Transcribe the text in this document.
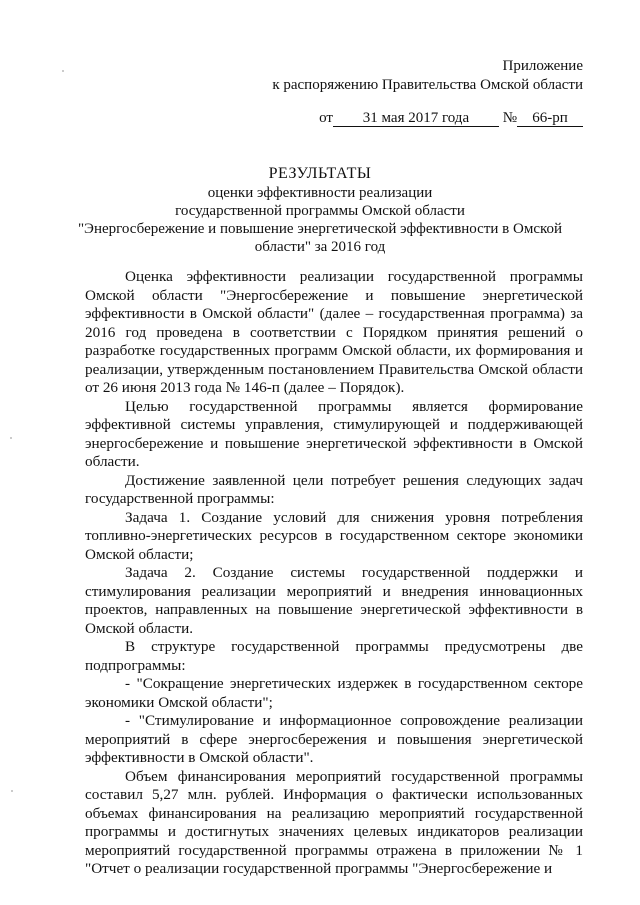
Приложение
к распоряжению Правительства Омской области
от 31 мая 2017 года № 66-рп
РЕЗУЛЬТАТЫ
оценки эффективности реализации
государственной программы Омской области
"Энергосбережение и повышение энергетической эффективности в Омской области" за 2016 год

Оценка эффективности реализации государственной программы Омской области "Энергосбережение и повышение энергетической эффективности в Омской области" (далее – государственная программа) за 2016 год проведена в соответствии с Порядком принятия решений о разработке государственных программ Омской области, их формирования и реализации, утвержденным постановлением Правительства Омской области от 26 июня 2013 года № 146-п (далее – Порядок).

Целью государственной программы является формирование эффективной системы управления, стимулирующей и поддерживающей энергосбережение и повышение энергетической эффективности в Омской области.

Достижение заявленной цели потребует решения следующих задач государственной программы:

Задача 1. Создание условий для снижения уровня потребления топливно-энергетических ресурсов в государственном секторе экономики Омской области;

Задача 2. Создание системы государственной поддержки и стимулирования реализации мероприятий и внедрения инновационных проектов, направленных на повышение энергетической эффективности в Омской области.

В структуре государственной программы предусмотрены две подпрограммы:

- "Сокращение энергетических издержек в государственном секторе экономики Омской области";

- "Стимулирование и информационное сопровождение реализации мероприятий в сфере энергосбережения и повышения энергетической эффективности в Омской области".

Объем финансирования мероприятий государственной программы составил 5,27 млн. рублей. Информация о фактически использованных объемах финансирования на реализацию мероприятий государственной программы и достигнутых значениях целевых индикаторов реализации мероприятий государственной программы отражена в приложении № 1 "Отчет о реализации государственной программы "Энергосбережение и
